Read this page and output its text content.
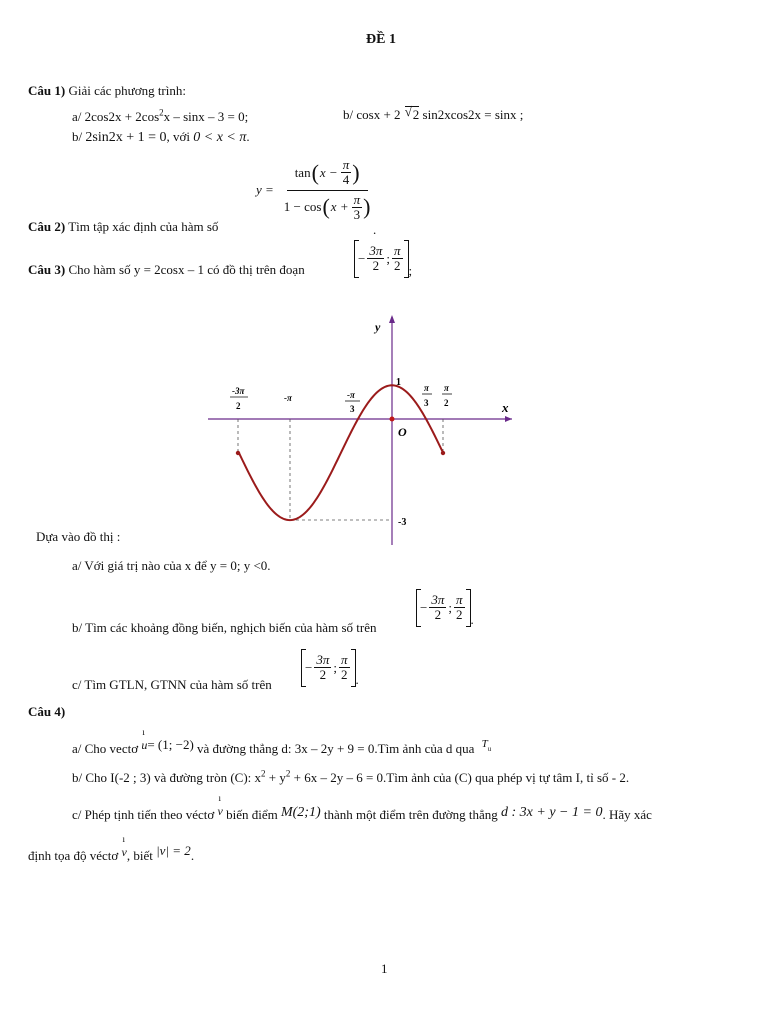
ĐỀ 1
Câu 1) Giải các phương trình:
a/ $2\cos 2x + 2\cos^2x - \sin x - 3 = 0$;	b/ cosx + 2 √ 2 sin2xcos2x = sinx ;
b/ 2sin2x + 1 = 0, với 0 < x < π.
$y = \frac{\tan ( x - \frac{\pi}{4} )}{1 - \cos ( x + \frac{\pi}{3} )}$
Câu 2) Tìm tập xác định của hàm số	.
Câu 3) Cho hàm số y = 2cosx – 1 có đồ thị trên đoạn
− $\frac{3\pi}{2}$ ; $\frac{\pi}{2}$ ;
y
x
O
1
-3
-3π
2
-π	-π
3
π
3
π
2
Dựa vào đồ thị :
a/ Với giá trị nào của x để y = 0; y <0.
b/ Tìm các khoảng đồng biến, nghịch biến của hàm số trên
− $\frac{3\pi}{2}$ ; $\frac{\pi}{2}$ .
c/ Tìm GTLN, GTNN của hàm số trên
− $\frac{3\pi}{2}$ ; $\frac{\pi}{2}$ .
Câu 4)
a/ Cho vectơ ı u= (1; −2) và đường thẳng d: 3x – 2y + 9 = 0.Tìm ảnh của d qua $^T$u
b/ Cho I(-2 ; 3) và đường tròn (C): $x^2 + y^2 + 6x - 2y - 6$ = 0.Tìm ảnh của (C) qua phép vị tự tâm I, tỉ số - 2.
c/ Phép tịnh tiến theo véctơ ı v biến điểm M(2;1) thành một điểm trên đường thẳng d : 3x + y − 1 = 0. Hãy xác
định tọa độ véctơ ı v, biết |v| = 2.
1
